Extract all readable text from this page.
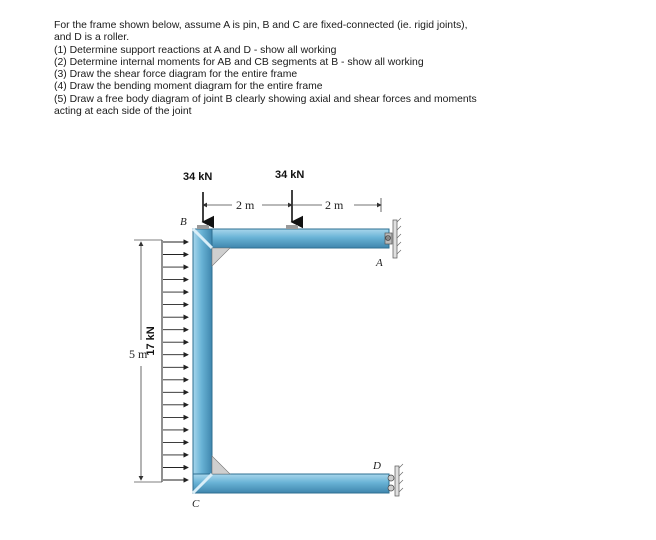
For the frame shown below, assume A is pin, B and C are fixed-connected (ie. rigid joints),
and D is a roller.
(1) Determine support reactions at A and D - show all working
(2) Determine internal moments for AB and CB segments at B - show all working
(3) Draw the shear force diagram for the entire frame
(4) Draw the bending moment diagram for the entire frame
(5) Draw a free body diagram of joint B clearly showing axial and shear forces and moments
acting at each side of the joint
34 kN	34 kN
2 m	2 m
B
A
C
D
17 kN
5 m
